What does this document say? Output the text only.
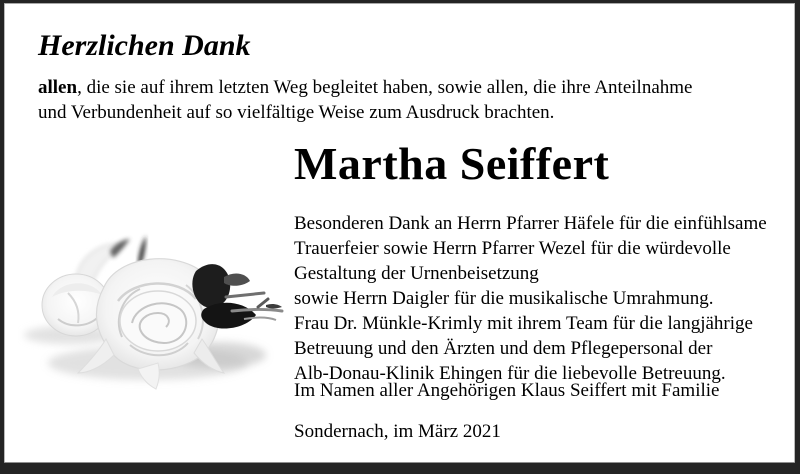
Herzlichen Dank

allen, die sie auf ihrem letzten Weg begleitet haben, sowie allen, die ihre Anteilnahme
und Verbundenheit auf so vielfältige Weise zum Ausdruck brachten.

Martha Seiffert

Besonderen Dank an Herrn Pfarrer Häfele für die einfühlsame
Trauerfeier sowie Herrn Pfarrer Wezel für die würdevolle
Gestaltung der Urnenbeisetzung
sowie Herrn Daigler für die musikalische Umrahmung.
Frau Dr. Münkle-Krimly mit ihrem Team für die langjährige
Betreuung und den Ärzten und dem Pflegepersonal der
Alb-Donau-Klinik Ehingen für die liebevolle Betreuung.

Im Namen aller Angehörigen Klaus Seiffert mit Familie

Sondernach, im März 2021
